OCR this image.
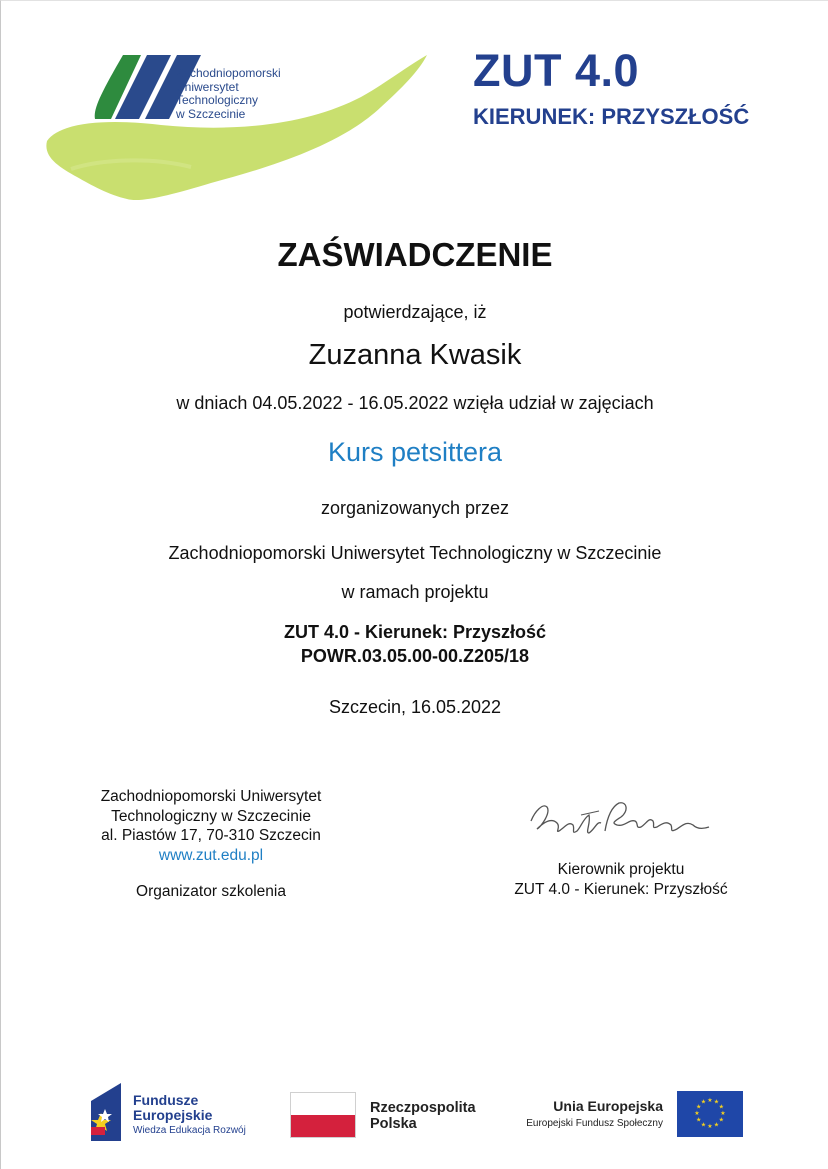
Zachodniopomorski
Uniwersytet
Technologiczny
w Szczecinie
ZUT 4.0
KIERUNEK: PRZYSZŁOŚĆ
ZAŚWIADCZENIE
potwierdzające, iż
Zuzanna Kwasik
w dniach 04.05.2022 - 16.05.2022 wzięła udział w zajęciach
Kurs petsittera
zorganizowanych przez
Zachodniopomorski Uniwersytet Technologiczny w Szczecinie
w ramach projektu
ZUT 4.0 - Kierunek: Przyszłość
POWR.03.05.00-00.Z205/18
Szczecin, 16.05.2022
Zachodniopomorski Uniwersytet
Technologiczny w Szczecinie
al. Piastów 17, 70-310 Szczecin
www.zut.edu.pl
Organizator szkolenia
Kierownik projektu
ZUT 4.0 - Kierunek: Przyszłość
Fundusze
Europejskie
Wiedza Edukacja Rozwój
Rzeczpospolita
Polska
Unia Europejska
Europejski Fundusz Społeczny
★ ★
★
★
★
★
★
★
★
★
★
★
